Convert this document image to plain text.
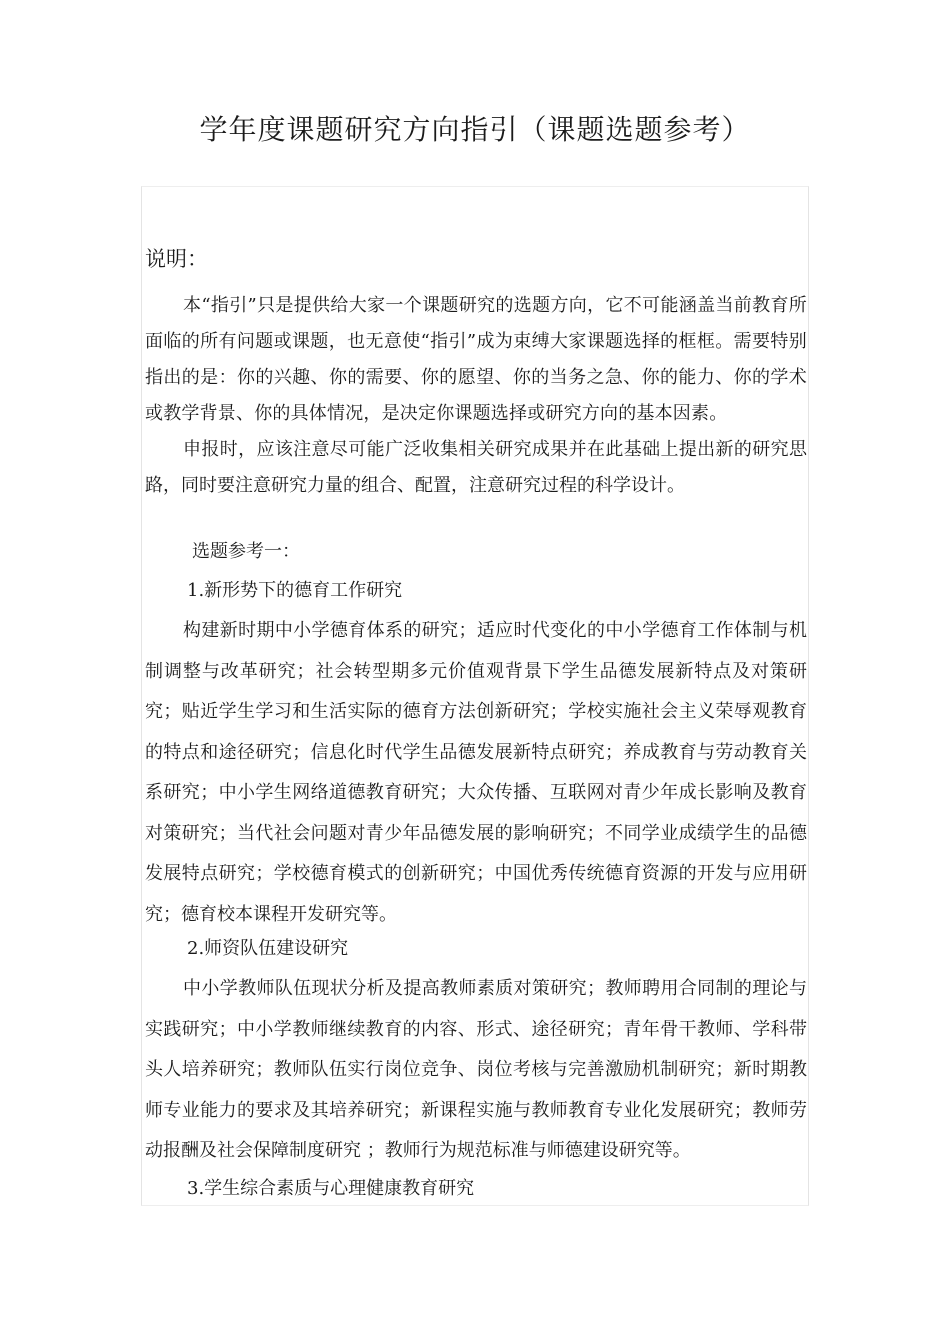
学年度课题研究方向指引（课题选题参考）
说明：

本“指引”只是提供给大家一个课题研究的选题方向，它不可能涵盖当前教育所面临的所有问题或课题，也无意使“指引”成为束缚大家课题选择的框框。需要特别指出的是：你的兴趣、你的需要、你的愿望、你的当务之急、你的能力、你的学术或教学背景、你的具体情况，是决定你课题选择或研究方向的基本因素。

申报时，应该注意尽可能广泛收集相关研究成果并在此基础上提出新的研究思路，同时要注意研究力量的组合、配置，注意研究过程的科学设计。

选题参考一：
1.新形势下的德育工作研究

构建新时期中小学德育体系的研究；适应时代变化的中小学德育工作体制与机制调整与改革研究；社会转型期多元价值观背景下学生品德发展新特点及对策研究；贴近学生学习和生活实际的德育方法创新研究；学校实施社会主义荣辱观教育的特点和途径研究；信息化时代学生品德发展新特点研究；养成教育与劳动教育关系研究；中小学生网络道德教育研究；大众传播、互联网对青少年成长影响及教育对策研究；当代社会问题对青少年品德发展的影响研究；不同学业成绩学生的品德发展特点研究；学校德育模式的创新研究；中国优秀传统德育资源的开发与应用研究；德育校本课程开发研究等。

2.师资队伍建设研究

中小学教师队伍现状分析及提高教师素质对策研究；教师聘用合同制的理论与实践研究；中小学教师继续教育的内容、形式、途径研究；青年骨干教师、学科带头人培养研究；教师队伍实行岗位竞争、岗位考核与完善激励机制研究；新时期教师专业能力的要求及其培养研究；新课程实施与教师教育专业化发展研究；教师劳动报酬及社会保障制度研究 ；教师行为规范标准与师德建设研究等。

3.学生综合素质与心理健康教育研究
